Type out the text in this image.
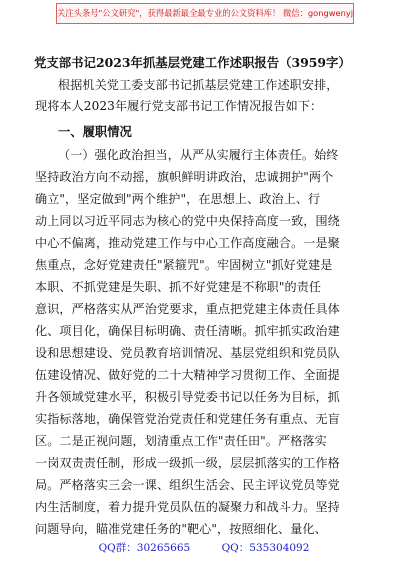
关注头条号"公文研究"，获得最新最全最专业的公文资料库！ 微信：gongwenyj
党支部书记2023年抓基层党建工作述职报告（3959字）
根据机关党工委支部书记抓基层党建工作述职安排，
现将本人2023年履行党支部书记工作情况报告如下：
一、履职情况
（一）强化政治担当，从严从实履行主体责任。始终
坚持政治方向不动摇，旗帜鲜明讲政治，忠诚拥护"两个
确立"，坚定做到"两个维护"，在思想上、政治上、行
动上同以习近平同志为核心的党中央保持高度一致，围绕
中心不偏离，推动党建工作与中心工作高度融合。一是聚
焦重点，念好党建责任"紧箍咒"。牢固树立"抓好党建是
本职、不抓党建是失职、抓不好党建是不称职"的责任
意识，严格落实从严治党要求，重点把党建主体责任具体
化、项目化，确保目标明确、责任清晰。抓牢抓实政治建
设和思想建设、党员教育培训情况、基层党组织和党员队
伍建设情况、做好党的二十大精神学习贯彻工作、全面提
升各领域党建水平，积极引导党委书记以任务为目标，抓
实指标落地，确保管党治党责任和党建任务有重点、无盲
区。二是正视问题，划清重点工作"责任田"。严格落实
一岗双责责任制，形成一级抓一级，层层抓落实的工作格
局。严格落实三会一课、组织生活会、民主评议党员等党
内生活制度，着力提升党员队伍的凝聚力和战斗力。坚持
问题导向，瞄准党建任务的"靶心"，按照细化、量化、
QQ群：30265665	QQ：535304092
